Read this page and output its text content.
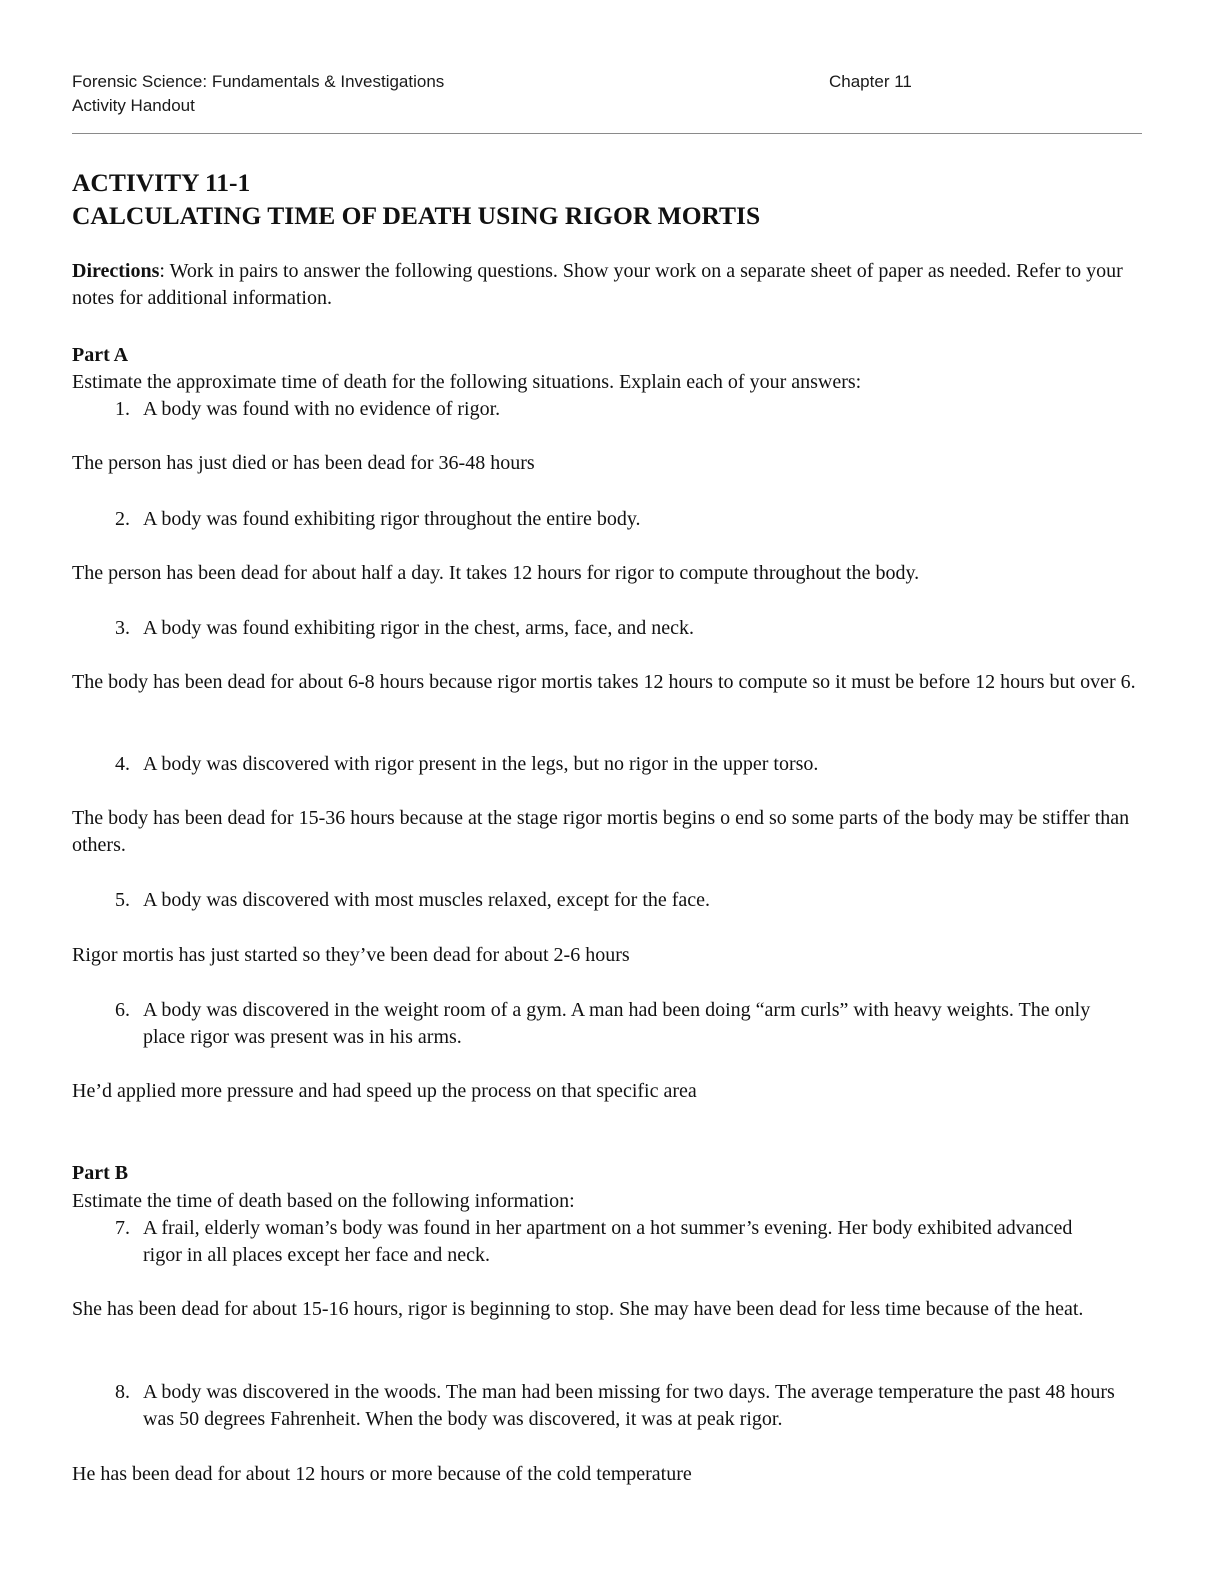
Forensic Science: Fundamentals & Investigations
Activity Handout
Chapter 11
ACTIVITY 11-1
CALCULATING TIME OF DEATH USING RIGOR MORTIS
Directions: Work in pairs to answer the following questions. Show your work on a separate sheet of paper as needed. Refer to your notes for additional information.
Part A
Estimate the approximate time of death for the following situations. Explain each of your answers:
1. A body was found with no evidence of rigor.
The person has just died or has been dead for 36-48 hours
2. A body was found exhibiting rigor throughout the entire body.
The person has been dead for about half a day. It takes 12 hours for rigor to compute throughout the body.
3. A body was found exhibiting rigor in the chest, arms, face, and neck.
The body has been dead for about 6-8 hours because rigor mortis takes 12 hours to compute so it must be before 12 hours but over 6.
4. A body was discovered with rigor present in the legs, but no rigor in the upper torso.
The body has been dead for 15-36 hours because at the stage rigor mortis begins o end so some parts of the body may be stiffer than others.
5. A body was discovered with most muscles relaxed, except for the face.
Rigor mortis has just started so they’ve been dead for about 2-6 hours
6. A body was discovered in the weight room of a gym. A man had been doing “arm curls” with heavy weights. The only place rigor was present was in his arms.
He’d applied more pressure and had speed up the process on that specific area
Part B
Estimate the time of death based on the following information:
7. A frail, elderly woman’s body was found in her apartment on a hot summer’s evening. Her body exhibited advanced rigor in all places except her face and neck.
She has been dead for about 15-16 hours, rigor is beginning to stop. She may have been dead for less time because of the heat.
8. A body was discovered in the woods. The man had been missing for two days. The average temperature the past 48 hours was 50 degrees Fahrenheit. When the body was discovered, it was at peak rigor.
He has been dead for about 12 hours or more because of the cold temperature
